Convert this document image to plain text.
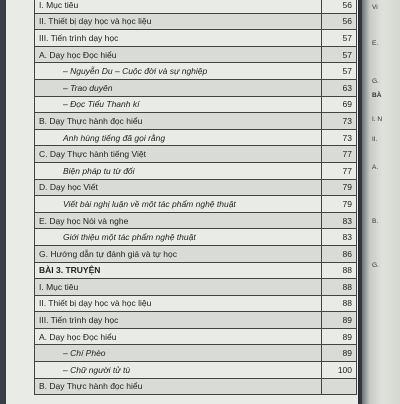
I. Mục tiêu	56
II. Thiết bị dạy học và học liệu	56
III. Tiến trình dạy học	57
A. Dạy học Đọc hiểu	57
– Nguyễn Du – Cuộc đời và sự nghiệp	57
– Trao duyên	63
– Đọc Tiểu Thanh kí	69
B. Dạy Thực hành đọc hiểu	73
Anh hùng tiếng đã gọi rằng	73
C. Dạy Thực hành tiếng Việt	77
Biện pháp tu từ đối	77
D. Dạy học Viết	79
Viết bài nghị luận về một tác phẩm nghệ thuật	79
E. Dạy học Nói và nghe	83
Giới thiệu một tác phẩm nghệ thuật	83
G. Hướng dẫn tự đánh giá và tự học	86
BÀI 3. TRUYỆN	88
I. Mục tiêu	88
II. Thiết bị dạy học và học liệu	88
III. Tiến trình dạy học	89
A. Dạy học Đọc hiểu	89
– Chí Phèo	89
– Chữ người tử tù	100
B. Dạy Thực hành đọc hiểu	
Vi
E.
G.
BÀ
I. N
II.
A.
B.
G.
